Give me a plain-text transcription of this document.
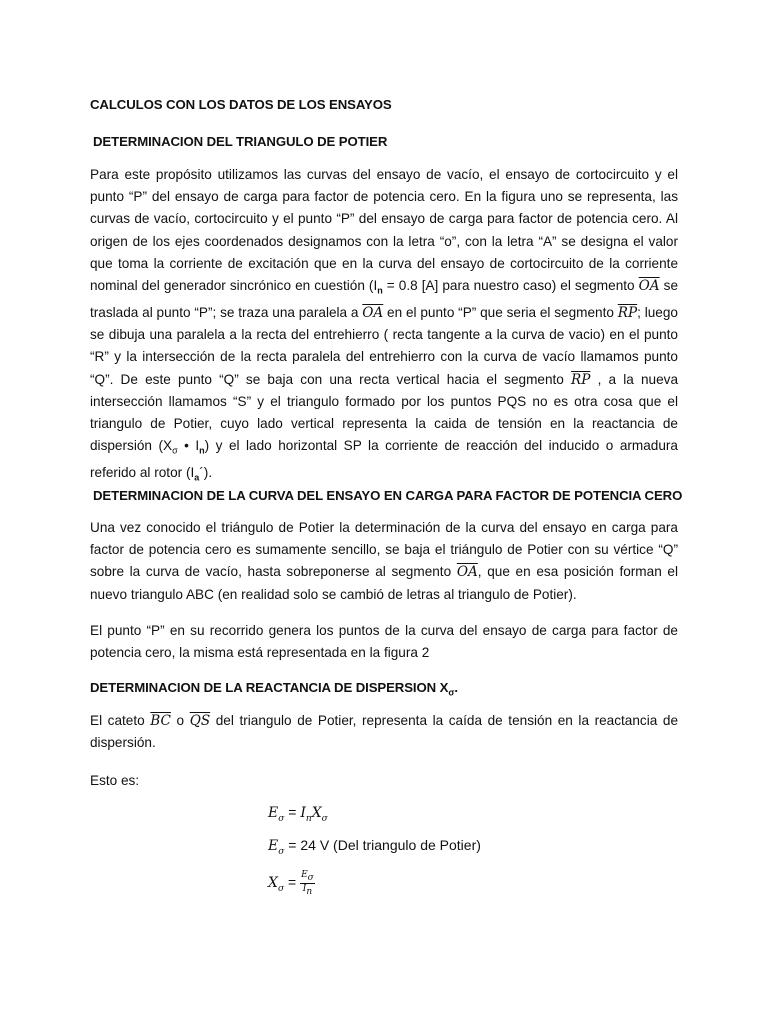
CALCULOS CON LOS DATOS DE LOS ENSAYOS
DETERMINACION DEL TRIANGULO DE POTIER
Para este propósito utilizamos las curvas del ensayo de vacío, el ensayo de cortocircuito y el
punto “P” del ensayo de carga para factor de potencia cero. En la figura uno se representa, las
curvas de vacío, cortocircuito y el punto “P” del ensayo de carga para factor de potencia cero. Al
origen de los ejes coordenados designamos con la letra “o”, con la letra “A” se designa el valor
que toma la corriente de excitación que en la curva del ensayo de cortocircuito de la corriente
nominal del generador sincrónico en cuestión ($I_n = 0.8$ [A] para nuestro caso) el segmento $\overline{OA}$ se
traslada al punto “P”; se traza una paralela a $\overline{OA}$ en el punto “P” que seria el segmento $\overline{RP}$; luego
se dibuja una paralela a la recta del entrehierro ( recta tangente a la curva de vacio) en el punto
“R” y la intersección de la recta paralela del entrehierro con la curva de vacío llamamos punto
“Q”. De este punto “Q” se baja con una recta vertical hacia el segmento $\overline{RP}$ , a la nueva
intersección llamamos “S” y el triangulo formado por los puntos PQS no es otra cosa que el
triangulo de Potier, cuyo lado vertical representa la caida de tensión en la reactancia de
dispersión ($X_\sigma$ • $I_n$) y el lado horizontal SP la corriente de reacción del inducido o armadura
referido al rotor $(I_a´)$.
DETERMINACION DE LA CURVA DEL ENSAYO EN CARGA PARA FACTOR DE POTENCIA CERO
Una vez conocido el triángulo de Potier la determinación de la curva del ensayo en carga para
factor de potencia cero es sumamente sencillo, se baja el triángulo de Potier con su vértice “Q”
sobre la curva de vacío, hasta sobreponerse al segmento $\overline{OA}$, que en esa posición forman el
nuevo triangulo ABC (en realidad solo se cambió de letras al triangulo de Potier).
El punto “P” en su recorrido genera los puntos de la curva del ensayo de carga para factor de
potencia cero, la misma está representada en la figura 2
DETERMINACION DE LA REACTANCIA DE DISPERSION $X_\sigma$.
El cateto $\overline{BC}$ o $\overline{QS}$ del triangulo de Potier, representa la caída de tensión en la reactancia de
dispersión.
Esto es:
$E_\sigma = I_nX_\sigma$
$E_\sigma = 24$ V (Del triangulo de Potier)
$X_\sigma = \frac{E_\sigma}{I_n}$
